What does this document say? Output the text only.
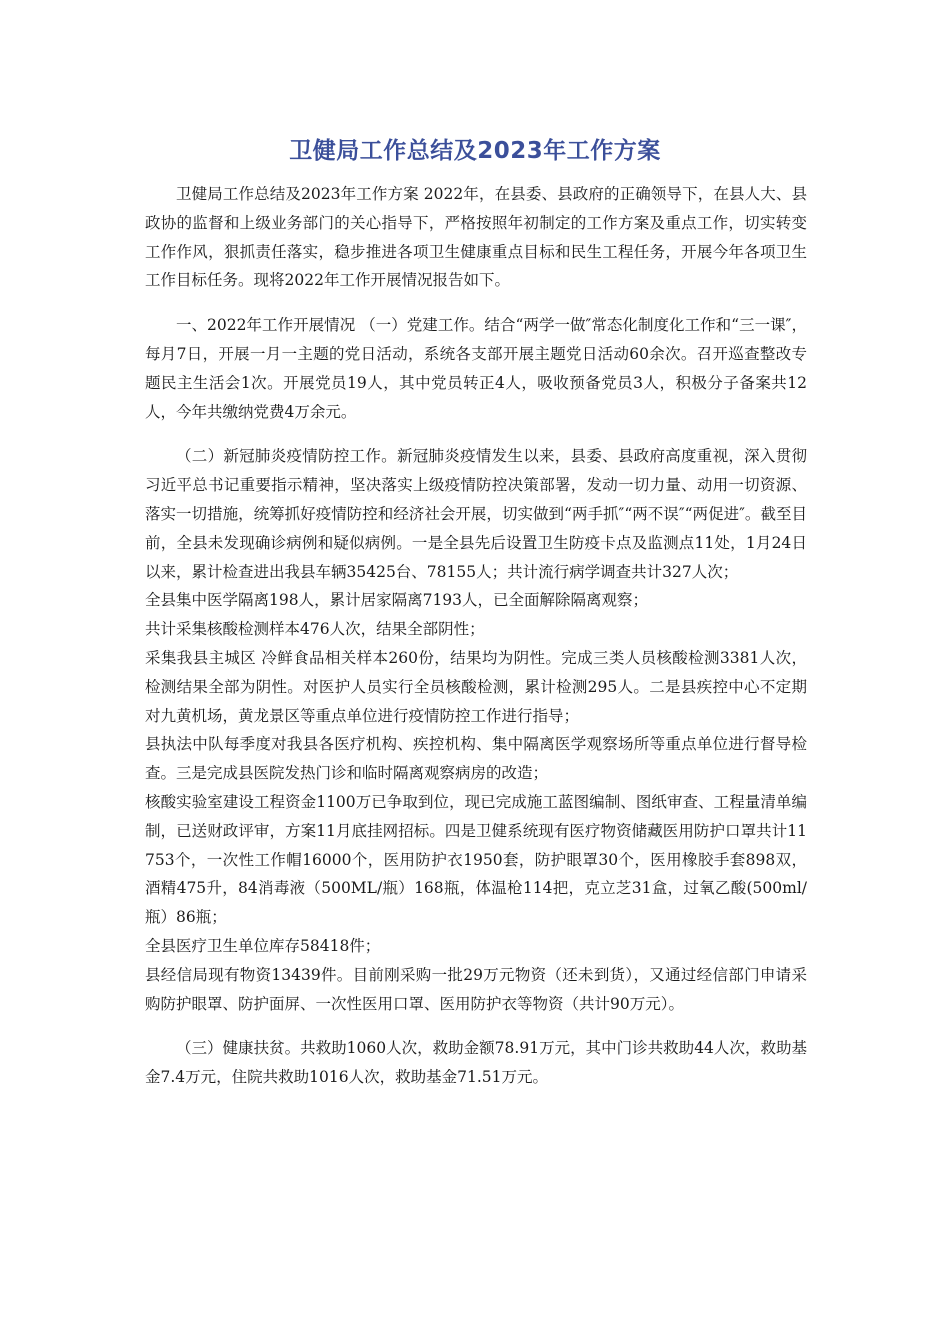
卫健局工作总结及2023年工作方案

卫健局工作总结及2023年工作方案 2022年，在县委、县政府的正确领导下，在县人大、县政协的监督和上级业务部门的关心指导下，严格按照年初制定的工作方案及重点工作，切实转变工作作风，狠抓责任落实，稳步推进各项卫生健康重点目标和民生工程任务，开展今年各项卫生工作目标任务。现将2022年工作开展情况报告如下。

一、2022年工作开展情况 （一）党建工作。结合“两学一做″常态化制度化工作和“三一课″，每月7日，开展一月一主题的党日活动，系统各支部开展主题党日活动60余次。召开巡查整改专题民主生活会1次。开展党员19人，其中党员转正4人，吸收预备党员3人，积极分子备案共12人，今年共缴纳党费4万余元。

（二）新冠肺炎疫情防控工作。新冠肺炎疫情发生以来，县委、县政府高度重视，深入贯彻习近平总书记重要指示精神，坚决落实上级疫情防控决策部署，发动一切力量、动用一切资源、落实一切措施，统筹抓好疫情防控和经济社会开展，切实做到“两手抓″“两不误″“两促进″。截至目前，全县未发现确诊病例和疑似病例。一是全县先后设置卫生防疫卡点及监测点11处，1月24日以来，累计检查进出我县车辆35425台、78155人；共计流行病学调查共计327人次；

全县集中医学隔离198人，累计居家隔离7193人，已全面解除隔离观察；

共计采集核酸检测样本476人次，结果全部阴性；

采集我县主城区 冷鲜食品相关样本260份，结果均为阴性。完成三类人员核酸检测3381人次，检测结果全部为阴性。对医护人员实行全员核酸检测，累计检测295人。二是县疾控中心不定期对九黄机场，黄龙景区等重点单位进行疫情防控工作进行指导；

县执法中队每季度对我县各医疗机构、疾控机构、集中隔离医学观察场所等重点单位进行督导检查。三是完成县医院发热门诊和临时隔离观察病房的改造；

核酸实验室建设工程资金1100万已争取到位，现已完成施工蓝图编制、图纸审查、工程量清单编制，已送财政评审，方案11月底挂网招标。四是卫健系统现有医疗物资储藏医用防护口罩共计11753个，一次性工作帽16000个，医用防护衣1950套，防护眼罩30个，医用橡胶手套898双，酒精475升，84消毒液（500ML/瓶）168瓶，体温枪114把，克立芝31盒，过氧乙酸(500ml/瓶）86瓶；

全县医疗卫生单位库存58418件；

县经信局现有物资13439件。目前刚采购一批29万元物资（还未到货），又通过经信部门申请采购防护眼罩、防护面屏、一次性医用口罩、医用防护衣等物资（共计90万元）。

（三）健康扶贫。共救助1060人次，救助金额78.91万元，其中门诊共救助44人次，救助基金7.4万元，住院共救助1016人次，救助基金71.51万元。
